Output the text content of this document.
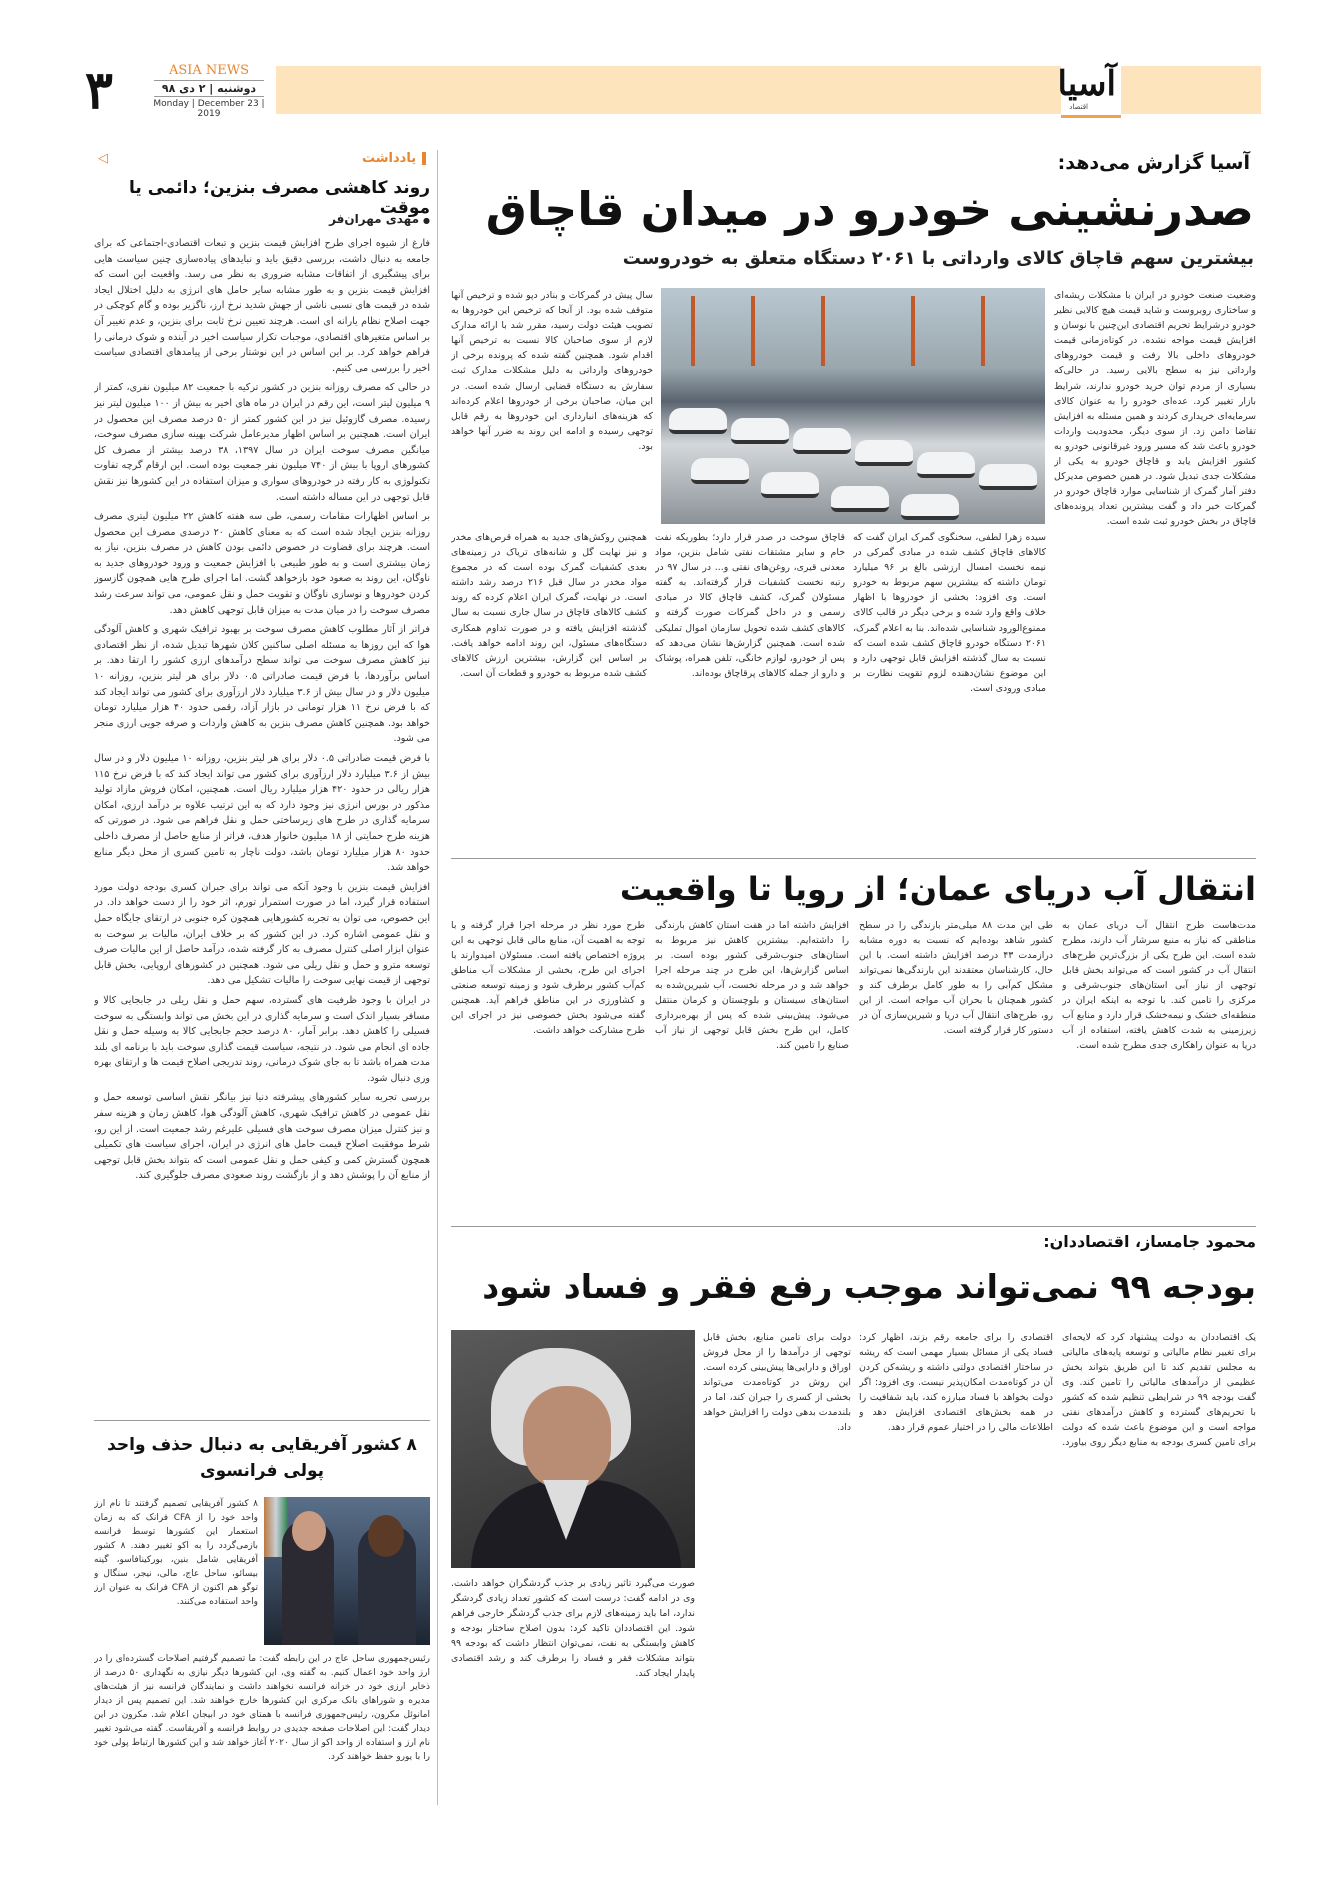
آسیا
اقتصاد
۳	ASIA NEWS
دوشنبه | ۲ دی ۹۸
Monday | December 23 | 2019
یادداشت
◁
روند کاهشی مصرف بنزین؛ دائمی یا موقت
● مهدی مهران‌فر

فارغ از شیوه اجرای طرح افزایش قیمت بنزین و تبعات اقتصادی-اجتماعی که برای جامعه به دنبال داشت، بررسی دقیق باید و نبایدهای پیاده‌سازی چنین سیاست هایی برای پیشگیری از اتفاقات مشابه ضروری به نظر می رسد. واقعیت این است که افزایش قیمت بنزین و به طور مشابه سایر حامل های انرژی به دلیل اختلال ایجاد شده در قیمت های نسبی ناشی از جهش شدید نرخ ارز، ناگزیر بوده و گام کوچکی در جهت اصلاح نظام یارانه ای است. هرچند تعیین نرخ ثابت برای بنزین، و عدم تغییر آن بر اساس متغیرهای اقتصادی، موجبات تکرار سیاست اخیر در آینده و شوک درمانی را فراهم خواهد کرد. بر این اساس در این نوشتار برخی از پیامدهای اقتصادی سیاست اخیر را بررسی می کنیم.

در حالی که مصرف روزانه بنزین در کشور ترکیه با جمعیت ۸۲ میلیون نفری، کمتر از ۹ میلیون لیتر است، این رقم در ایران در ماه های اخیر به بیش از ۱۰۰ میلیون لیتر نیز رسیده. مصرف گازوئیل نیز در این کشور کمتر از ۵۰ درصد مصرف این محصول در ایران است. همچنین بر اساس اظهار مدیرعامل شرکت بهینه سازی مصرف سوخت، میانگین مصرف سوخت ایران در سال ۱۳۹۷، ۳۸ درصد بیشتر از مصرف کل کشورهای اروپا با بیش از ۷۴۰ میلیون نفر جمعیت بوده است. این ارقام گرچه تفاوت تکنولوژی به کار رفته در خودروهای سواری و میزان استفاده در این کشورها نیز نقش قابل توجهی در این مساله داشته است.

بر اساس اظهارات مقامات رسمی، طی سه هفته کاهش ۲۲ میلیون لیتری مصرف روزانه بنزین ایجاد شده است که به معنای کاهش ۲۰ درصدی مصرف این محصول است. هرچند برای قضاوت در خصوص دائمی بودن کاهش در مصرف بنزین، نیاز به زمان بیشتری است و به طور طبیعی با افزایش جمعیت و ورود خودروهای جدید به ناوگان، این روند به صعود خود بازخواهد گشت. اما اجرای طرح هایی همچون گازسوز کردن خودروها و نوسازی ناوگان و تقویت حمل و نقل عمومی، می تواند سرعت رشد مصرف سوخت را در میان مدت به میزان قابل توجهی کاهش دهد.

فراتر از آثار مطلوب کاهش مصرف سوخت بر بهبود ترافیک شهری و کاهش آلودگی هوا که این روزها به مسئله اصلی ساکنین کلان شهرها تبدیل شده، از نظر اقتصادی نیز کاهش مصرف سوخت می تواند سطح درآمدهای ارزی کشور را ارتقا دهد. بر اساس برآوردها، با فرض قیمت صادراتی ۰.۵ دلار برای هر لیتر بنزین، روزانه ۱۰ میلیون دلار و در سال بیش از ۳.۶ میلیارد دلار ارزآوری برای کشور می تواند ایجاد کند که با فرض نرخ ۱۱ هزار تومانی در بازار آزاد، رقمی حدود ۴۰ هزار میلیارد تومان خواهد بود. همچنین کاهش مصرف بنزین به کاهش واردات و صرفه جویی ارزی منجر می شود.

با فرض قیمت صادراتی ۰.۵ دلار برای هر لیتر بنزین، روزانه ۱۰ میلیون دلار و در سال بیش از ۳.۶ میلیارد دلار ارزآوری برای کشور می تواند ایجاد کند که با فرض نرخ ۱۱۵ هزار ریالی در حدود ۴۲۰ هزار میلیارد ریال است. همچنین، امکان فروش مازاد تولید مذکور در بورس انرژی نیز وجود دارد که به این ترتیب علاوه بر درآمد ارزی، امکان سرمایه گذاری در طرح های زیرساختی حمل و نقل فراهم می شود. در صورتی که هزینه طرح حمایتی از ۱۸ میلیون خانوار هدف، فراتر از منابع حاصل از مصرف داخلی حدود ۸۰ هزار میلیارد تومان باشد، دولت ناچار به تامین کسری از محل دیگر منابع خواهد شد.

افزایش قیمت بنزین با وجود آنکه می تواند برای جبران کسری بودجه دولت مورد استفاده قرار گیرد، اما در صورت استمرار تورم، اثر خود را از دست خواهد داد. در این خصوص، می توان به تجربه کشورهایی همچون کره جنوبی در ارتقای جایگاه حمل و نقل عمومی اشاره کرد. در این کشور که بر خلاف ایران، مالیات بر سوخت به عنوان ابزار اصلی کنترل مصرف به کار گرفته شده، درآمد حاصل از این مالیات صرف توسعه مترو و حمل و نقل ریلی می شود. همچنین در کشورهای اروپایی، بخش قابل توجهی از قیمت نهایی سوخت را مالیات تشکیل می دهد.

در ایران با وجود ظرفیت های گسترده، سهم حمل و نقل ریلی در جابجایی کالا و مسافر بسیار اندک است و سرمایه گذاری در این بخش می تواند وابستگی به سوخت فسیلی را کاهش دهد. برابر آمار، ۸۰ درصد حجم جابجایی کالا به وسیله حمل و نقل جاده ای انجام می شود. در نتیجه، سیاست قیمت گذاری سوخت باید با برنامه ای بلند مدت همراه باشد تا به جای شوک درمانی، روند تدریجی اصلاح قیمت ها و ارتقای بهره وری دنبال شود.

بررسی تجربه سایر کشورهای پیشرفته دنیا نیز بیانگر نقش اساسی توسعه حمل و نقل عمومی در کاهش ترافیک شهری، کاهش آلودگی هوا، کاهش زمان و هزینه سفر و نیز کنترل میزان مصرف سوخت های فسیلی علیرغم رشد جمعیت است. از این رو، شرط موفقیت اصلاح قیمت حامل های انرژی در ایران، اجرای سیاست های تکمیلی همچون گسترش کمی و کیفی حمل و نقل عمومی است که بتواند بخش قابل توجهی از منابع آن را پوشش دهد و از بازگشت روند صعودی مصرف جلوگیری کند.

۸ کشور آفریقایی به دنبال حذف واحد پولی فرانسوی
۸ کشور آفریقایی تصمیم گرفتند تا نام ارز واحد خود را از CFA فرانک که به زمان استعمار این کشورها توسط فرانسه بازمی‌گردد را به اکو تغییر دهند. ۸ کشور آفریقایی شامل بنین، بورکینافاسو، گینه بیسائو، ساحل عاج، مالی، نیجر، سنگال و توگو هم اکنون از CFA فرانک به عنوان ارز واحد استفاده می‌کنند.
رئیس‌جمهوری ساحل عاج در این رابطه گفت: ما تصمیم گرفتیم اصلاحات گسترده‌ای را در ارز واحد خود اعمال کنیم. به گفته وی، این کشورها دیگر نیازی به نگهداری ۵۰ درصد از ذخایر ارزی خود در خزانه فرانسه نخواهند داشت و نمایندگان فرانسه نیز از هیئت‌های مدیره و شوراهای بانک مرکزی این کشورها خارج خواهند شد. این تصمیم پس از دیدار امانوئل مکرون، رئیس‌جمهوری فرانسه با همتای خود در ابیجان اعلام شد. مکرون در این دیدار گفت: این اصلاحات صفحه جدیدی در روابط فرانسه و آفریقاست. گفته می‌شود تغییر نام ارز و استفاده از واحد اکو از سال ۲۰۲۰ آغاز خواهد شد و این کشورها ارتباط پولی خود را با یورو حفظ خواهند کرد.
آسیا گزارش می‌دهد:
صدرنشینی خودرو در میدان قاچاق
بیشترین سهم قاچاق کالای وارداتی با ۲۰۶۱ دستگاه متعلق به خودروست
وضعیت صنعت خودرو در ایران با مشکلات ریشه‌ای و ساختاری روبروست و شاید قیمت هیچ کالایی نظیر خودرو درشرایط تحریم اقتصادی این‌چنین با نوسان و افزایش قیمت مواجه نشده. در کوتاه‌زمانی قیمت خودروهای داخلی بالا رفت و قیمت خودروهای وارداتی نیز به سطح بالایی رسید. در حالی‌که بسیاری از مردم توان خرید خودرو ندارند، شرایط بازار تغییر کرد. عده‌ای خودرو را به عنوان کالای سرمایه‌ای خریداری کردند و همین مسئله به افزایش تقاضا دامن زد. از سوی دیگر، محدودیت واردات خودرو باعث شد که مسیر ورود غیرقانونی خودرو به کشور افزایش یابد و قاچاق خودرو به یکی از مشکلات جدی تبدیل شود. در همین خصوص مدیرکل دفتر آمار گمرک از شناسایی موارد قاچاق خودرو در گمرکات خبر داد و گفت بیشترین تعداد پرونده‌های قاچاق در بخش خودرو ثبت شده است.
سال پیش در گمرکات و بنادر دپو شده و ترخیص آنها متوقف شده بود. از آنجا که ترخیص این خودروها به تصویب هیئت دولت رسید، مقرر شد با ارائه مدارک لازم از سوی صاحبان کالا نسبت به ترخیص آنها اقدام شود. همچنین گفته شده که پرونده برخی از خودروهای وارداتی به دلیل مشکلات مدارک ثبت سفارش به دستگاه قضایی ارسال شده است. در این میان، صاحبان برخی از خودروها اعلام کرده‌اند که هزینه‌های انبارداری این خودروها به رقم قابل توجهی رسیده و ادامه این روند به ضرر آنها خواهد بود.
همچنین روکش‌های جدید به همراه قرص‌های مخدر و نیز نهایت گل و شانه‌های تریاک در زمینه‌های بعدی کشفیات گمرک بوده است که در مجموع مواد مخدر در سال قبل ۲۱۶ درصد رشد داشته است. در نهایت، گمرک ایران اعلام کرده که روند کشف کالاهای قاچاق در سال جاری نسبت به سال گذشته افزایش یافته و در صورت تداوم همکاری دستگاه‌های مسئول، این روند ادامه خواهد یافت. بر اساس این گزارش، بیشترین ارزش کالاهای کشف شده مربوط به خودرو و قطعات آن است.
قاچاق سوخت در صدر قرار دارد؛ بطوریکه نفت خام و سایر مشتقات نفتی شامل بنزین، مواد معدنی قیری، روغن‌های نفتی و... در سال ۹۷ در رتبه نخست کشفیات قرار گرفته‌اند. به گفته مسئولان گمرک، کشف قاچاق کالا در مبادی رسمی و در داخل گمرکات صورت گرفته و کالاهای کشف شده تحویل سازمان اموال تملیکی شده است. همچنین گزارش‌ها نشان می‌دهد که پس از خودرو، لوازم خانگی، تلفن همراه، پوشاک و دارو از جمله کالاهای پرقاچاق بوده‌اند.
سیده زهرا لطفی، سخنگوی گمرک ایران گفت که کالاهای قاچاق کشف شده در مبادی گمرکی در نیمه نخست امسال ارزشی بالغ بر ۹۶ میلیارد تومان داشته که بیشترین سهم مربوط به خودرو است. وی افزود: بخشی از خودروها با اظهار خلاف واقع وارد شده و برخی دیگر در قالب کالای ممنوع‌الورود شناسایی شده‌اند. بنا به اعلام گمرک، ۲۰۶۱ دستگاه خودرو قاچاق کشف شده است که نسبت به سال گذشته افزایش قابل توجهی دارد و این موضوع نشان‌دهنده لزوم تقویت نظارت بر مبادی ورودی است.
انتقال آب دریای عمان؛ از رویا تا واقعیت
مدت‌هاست طرح انتقال آب دریای عمان به مناطقی که نیاز به منبع سرشار آب دارند، مطرح شده است. این طرح یکی از بزرگ‌ترین طرح‌های انتقال آب در کشور است که می‌تواند بخش قابل توجهی از نیاز آبی استان‌های جنوب‌شرقی و مرکزی را تامین کند. با توجه به اینکه ایران در منطقه‌ای خشک و نیمه‌خشک قرار دارد و منابع آب زیرزمینی به شدت کاهش یافته، استفاده از آب دریا به عنوان راهکاری جدی مطرح شده است.
طی این مدت ۸۸ میلی‌متر بارندگی را در سطح کشور شاهد بوده‌ایم که نسبت به دوره مشابه درازمدت ۴۳ درصد افزایش داشته است. با این حال، کارشناسان معتقدند این بارندگی‌ها نمی‌تواند مشکل کم‌آبی را به طور کامل برطرف کند و کشور همچنان با بحران آب مواجه است. از این رو، طرح‌های انتقال آب دریا و شیرین‌سازی آن در دستور کار قرار گرفته است.
افزایش داشته اما در هفت استان کاهش بارندگی را داشته‌ایم. بیشترین کاهش نیز مربوط به استان‌های جنوب‌شرقی کشور بوده است. بر اساس گزارش‌ها، این طرح در چند مرحله اجرا خواهد شد و در مرحله نخست، آب شیرین‌شده به استان‌های سیستان و بلوچستان و کرمان منتقل می‌شود. پیش‌بینی شده که پس از بهره‌برداری کامل، این طرح بخش قابل توجهی از نیاز آب صنایع را تامین کند.
طرح مورد نظر در مرحله اجرا قرار گرفته و با توجه به اهمیت آن، منابع مالی قابل توجهی به این پروژه اختصاص یافته است. مسئولان امیدوارند با اجرای این طرح، بخشی از مشکلات آب مناطق کم‌آب کشور برطرف شود و زمینه توسعه صنعتی و کشاورزی در این مناطق فراهم آید. همچنین گفته می‌شود بخش خصوصی نیز در اجرای این طرح مشارکت خواهد داشت.
محمود جامساز، اقتصاددان:
بودجه ۹۹ نمی‌تواند موجب رفع فقر و فساد شود
یک اقتصاددان به دولت پیشنهاد کرد که لایحه‌ای برای تغییر نظام مالیاتی و توسعه پایه‌های مالیاتی به مجلس تقدیم کند تا این طریق بتواند بخش عظیمی از درآمدهای مالیاتی را تامین کند. وی گفت بودجه ۹۹ در شرایطی تنظیم شده که کشور با تحریم‌های گسترده و کاهش درآمدهای نفتی مواجه است و این موضوع باعث شده که دولت برای تامین کسری بودجه به منابع دیگر روی بیاورد.
اقتصادی را برای جامعه رقم بزند، اظهار کرد: فساد یکی از مسائل بسیار مهمی است که ریشه در ساختار اقتصادی دولتی داشته و ریشه‌کن کردن آن در کوتاه‌مدت امکان‌پذیر نیست. وی افزود: اگر دولت بخواهد با فساد مبارزه کند، باید شفافیت را در همه بخش‌های اقتصادی افزایش دهد و اطلاعات مالی را در اختیار عموم قرار دهد.
دولت برای تامین منابع، بخش قابل توجهی از درآمدها را از محل فروش اوراق و دارایی‌ها پیش‌بینی کرده است. این روش در کوتاه‌مدت می‌تواند بخشی از کسری را جبران کند، اما در بلندمدت بدهی دولت را افزایش خواهد داد.
صورت می‌گیرد تاثیر زیادی بر جذب گردشگران خواهد داشت. وی در ادامه گفت: درست است که کشور تعداد زیادی گردشگر ندارد، اما باید زمینه‌های لازم برای جذب گردشگر خارجی فراهم شود. این اقتصاددان تاکید کرد: بدون اصلاح ساختار بودجه و کاهش وابستگی به نفت، نمی‌توان انتظار داشت که بودجه ۹۹ بتواند مشکلات فقر و فساد را برطرف کند و رشد اقتصادی پایدار ایجاد کند.
